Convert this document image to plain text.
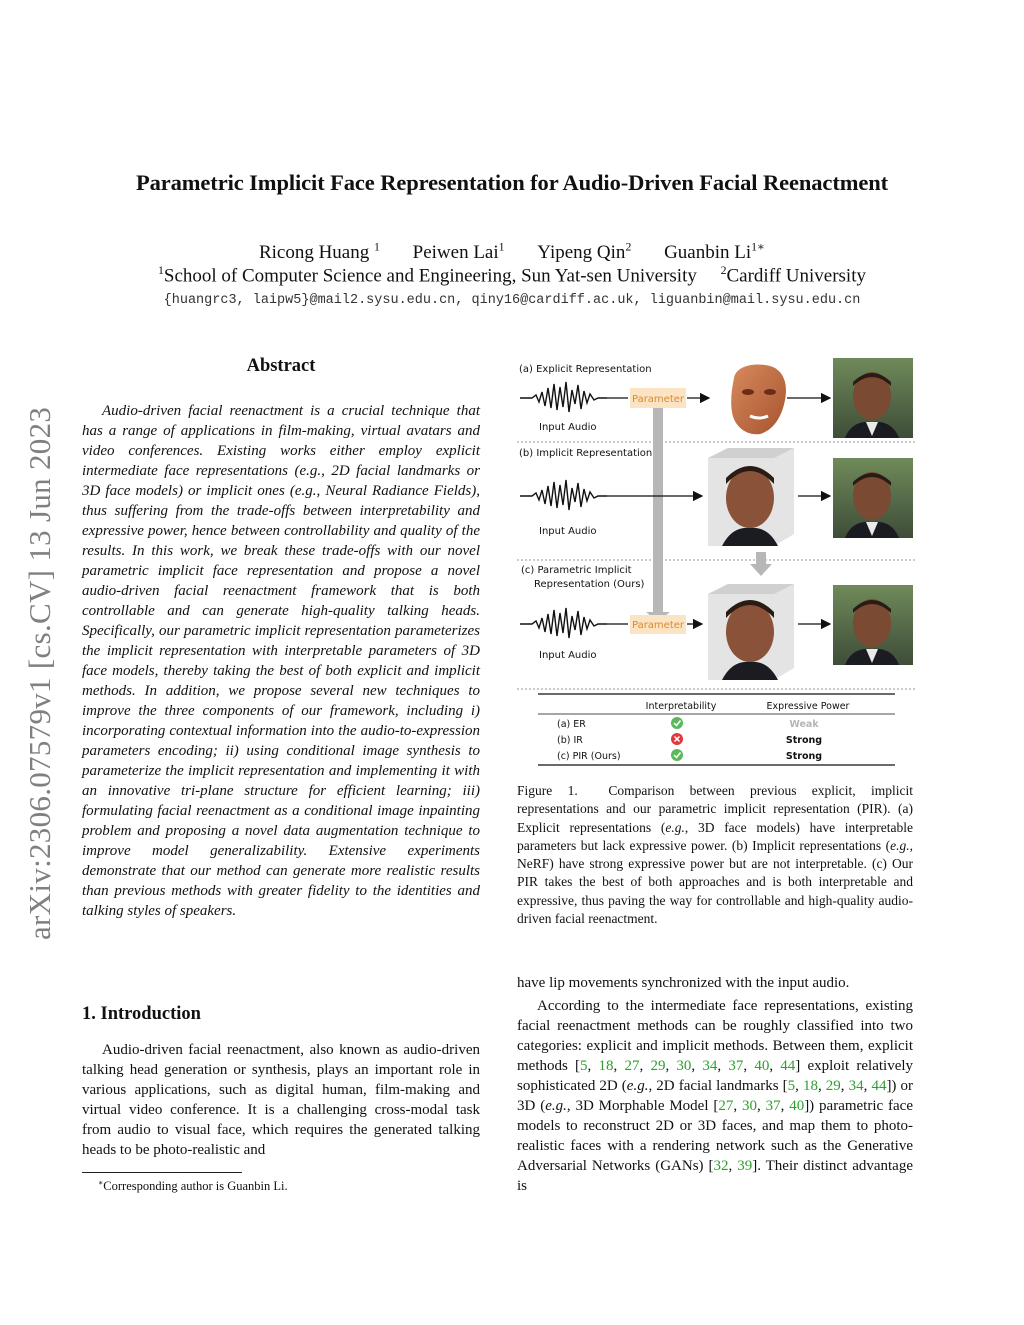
arXiv:2306.07579v1 [cs.CV] 13 Jun 2023
Parametric Implicit Face Representation for Audio-Driven Facial Reenactment
Ricong Huang $^1$ Peiwen Lai$^1$ Yipeng Qin$^2$ Guanbin $Li^{1∗}$
$^1$School of Computer Science and Engineering, Sun Yat-sen University $^2$Cardiff University
{huangrc3, laipw5}@mail2.sysu.edu.cn, qiny16@cardiff.ac.uk, liguanbin@mail.sysu.edu.cn
Abstract
Audio-driven facial reenactment is a crucial technique that has a range of applications in film-making, virtual avatars and video conferences. Existing works either employ explicit intermediate face representations (e.g., 2D facial landmarks or 3D face models) or implicit ones (e.g., Neural Radiance Fields), thus suffering from the trade-offs between interpretability and expressive power, hence between controllability and quality of the results. In this work, we break these trade-offs with our novel parametric implicit face representation and propose a novel audio-driven facial reenactment framework that is both controllable and can generate high-quality talking heads. Specifically, our parametric implicit representation parameterizes the implicit representation with interpretable parameters of 3D face models, thereby taking the best of both explicit and implicit methods. In addition, we propose several new techniques to improve the three components of our framework, including i) incorporating contextual information into the audio-to-expression parameters encoding; ii) using conditional image synthesis to parameterize the implicit representation and implementing it with an innovative tri-plane structure for efficient learning; iii) formulating facial reenactment as a conditional image inpainting problem and proposing a novel data augmentation technique to improve model generalizability. Extensive experiments demonstrate that our method can generate more realistic results than previous methods with greater fidelity to the identities and talking styles of speakers.
1. Introduction
Audio-driven facial reenactment, also known as audio-driven talking head generation or synthesis, plays an important role in various applications, such as digital human, film-making and virtual video conference. It is a challenging cross-modal task from audio to visual face, which requires the generated talking heads to be photo-realistic and
∗Corresponding author is Guanbin Li.
have lip movements synchronized with the input audio.
According to the intermediate face representations, existing facial reenactment methods can be roughly classified into two categories: explicit and implicit methods. Between them, explicit methods [5, 18, 27, 29, 30, 34, 37, 40, 44] exploit relatively sophisticated 2D (e.g., 2D facial landmarks [5, 18, 29, 34, 44]) or 3D (e.g., 3D Morphable Model [27, 30, 37, 40]) parametric face models to reconstruct 2D or 3D faces, and map them to photo-realistic faces with a rendering network such as the Generative Adversarial Networks (GANs) [32, 39]. Their distinct advantage is
Figure 1. Comparison between previous explicit, implicit representations and our parametric implicit representation (PIR). (a) Explicit representations (e.g., 3D face models) have interpretable parameters but lack expressive power. (b) Implicit representations (e.g., NeRF) have strong expressive power but are not interpretable. (c) Our PIR takes the best of both approaches and is both interpretable and expressive, thus paving the way for controllable and high-quality audio-driven facial reenactment.
(a) Explicit Representation
(b) Implicit Representation
(c) Parametric Implicit
Representation (Ours)
Parameter
Input Audio
Input Audio
Parameter
Input Audio
Interpretability	Expressive Power
(a) ER	Weak
(b) IR	Strong
(c) PIR (Ours)	Strong
